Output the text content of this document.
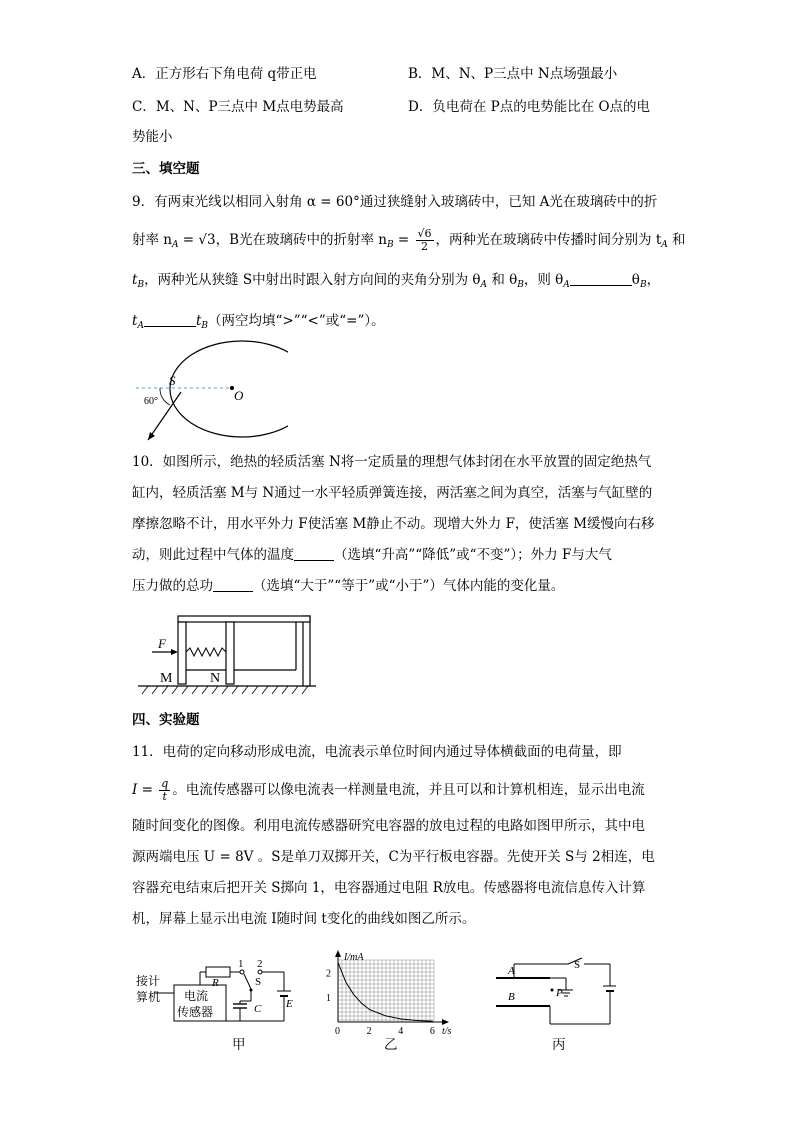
A．正方形右下角电荷 q带正电	B．M、N、P三点中 N点场强最小
C．M、N、P三点中 M点电势最高	D．负电荷在 P点的电势能比在 O点的电
势能小
三、填空题
9．有两束光线以相同入射角 α = 60°通过狭缝射入玻璃砖中，已知 A光在玻璃砖中的折
射率 $n_A = √3$，B光在玻璃砖中的折射率 $n_B = \frac{√6}{2}$ ，两种光在玻璃砖中传播时间分别为 $t_A$ 和
$t_B$，两种光从狭缝 S中射出时跟入射方向间的夹角分别为 $\theta_A$ 和 $\theta_B$，则 $\theta_A$	$\theta_B$，
$t_A$	$t_B$（两空均填“>”“<”或“=”）。
S
O
60°
10．如图所示，绝热的轻质活塞 N将一定质量的理想气体封闭在水平放置的固定绝热气
缸内，轻质活塞 M与 N通过一水平轻质弹簧连接，两活塞之间为真空，活塞与气缸壁的
摩擦忽略不计，用水平外力 F使活塞 M静止不动。现增大外力 F，使活塞 M缓慢向右移
动，则此过程中气体的温度	（选填“升高”“降低”或“不变”）；外力 F与大气
压力做的总功	（选填“大于”“等于”或“小于”）气体内能的变化量。
F
M	N
四、实验题
11．电荷的定向移动形成电流，电流表示单位时间内通过导体横截面的电荷量，即
$I = \frac{q}{t}$ 。电流传感器可以像电流表一样测量电流，并且可以和计算机相连，显示出电流
随时间变化的图像。利用电流传感器研究电容器的放电过程的电路如图甲所示，其中电
源两端电压 U = 8V 。S是单刀双掷开关，C为平行板电容器。先使开关 S与 2相连，电
容器充电结束后把开关 S掷向 1，电容器通过电阻 R放电。传感器将电流信息传入计算
机，屏幕上显示出电流 I随时间 t变化的曲线如图乙所示。
接计
算机 电流
传感器
R
C E
S
1 2
甲
2
1
0	2	4	6
I/mA
t/s
乙
A
B
S
P
丙
